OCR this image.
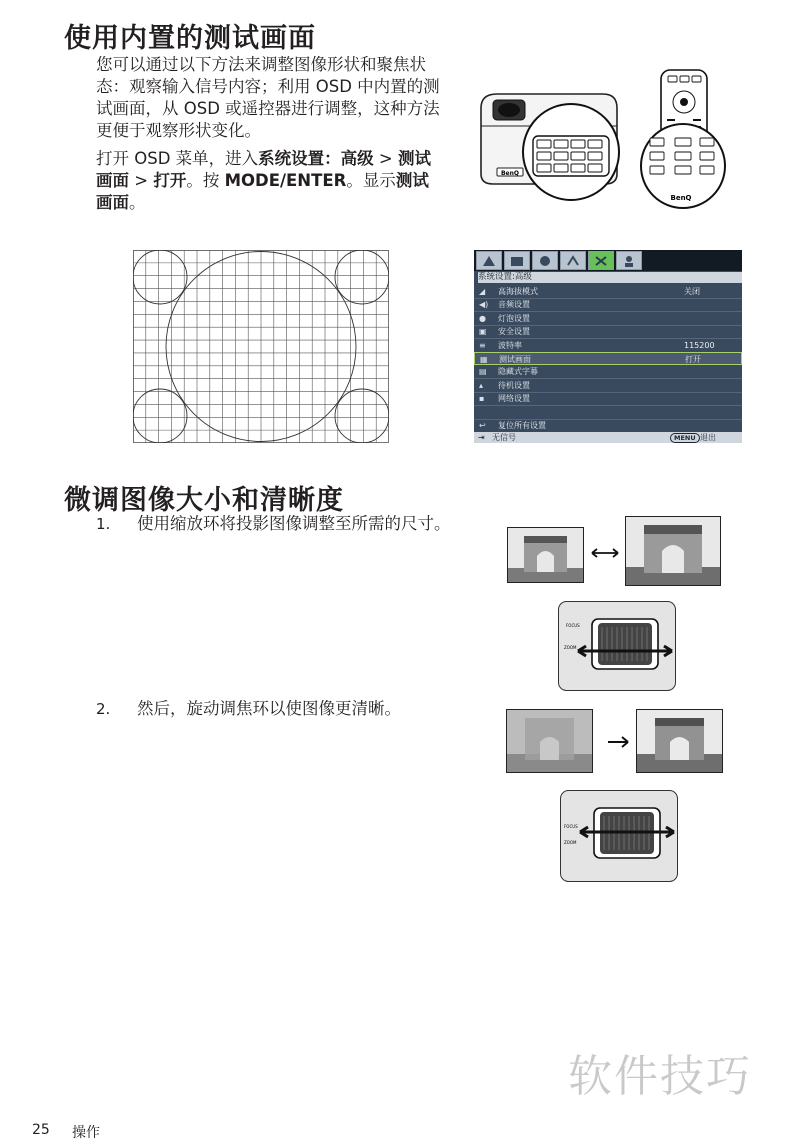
使用内置的测试画面
您可以通过以下方法来调整图像形状和聚焦状态：观察输入信号内容；利用 OSD 中内置的测试画面，从 OSD 或遥控器进行调整，这种方法更便于观察形状变化。
打开 OSD 菜单，进入系统设置：高级 > 测试画面 > 打开。按 MODE/ENTER。显示测试画面。
BenQ
BenQ
系统设置:高级
◢	高海拔模式	关闭
◀) 音频设置
●	灯泡设置
▣	安全设置
≡	波特率	115200
▦	测试画面	打开
▤	隐藏式字幕
▴	待机设置
▪	网络设置
↩	复位所有设置
⇥ 无信号	MENU 退出
微调图像大小和清晰度
1. 使用缩放环将投影图像调整至所需的尺寸。
2. 然后，旋动调焦环以使图像更清晰。
FOCUS
ZOOM
FOCUS
ZOOM
软件技巧
25 操作
